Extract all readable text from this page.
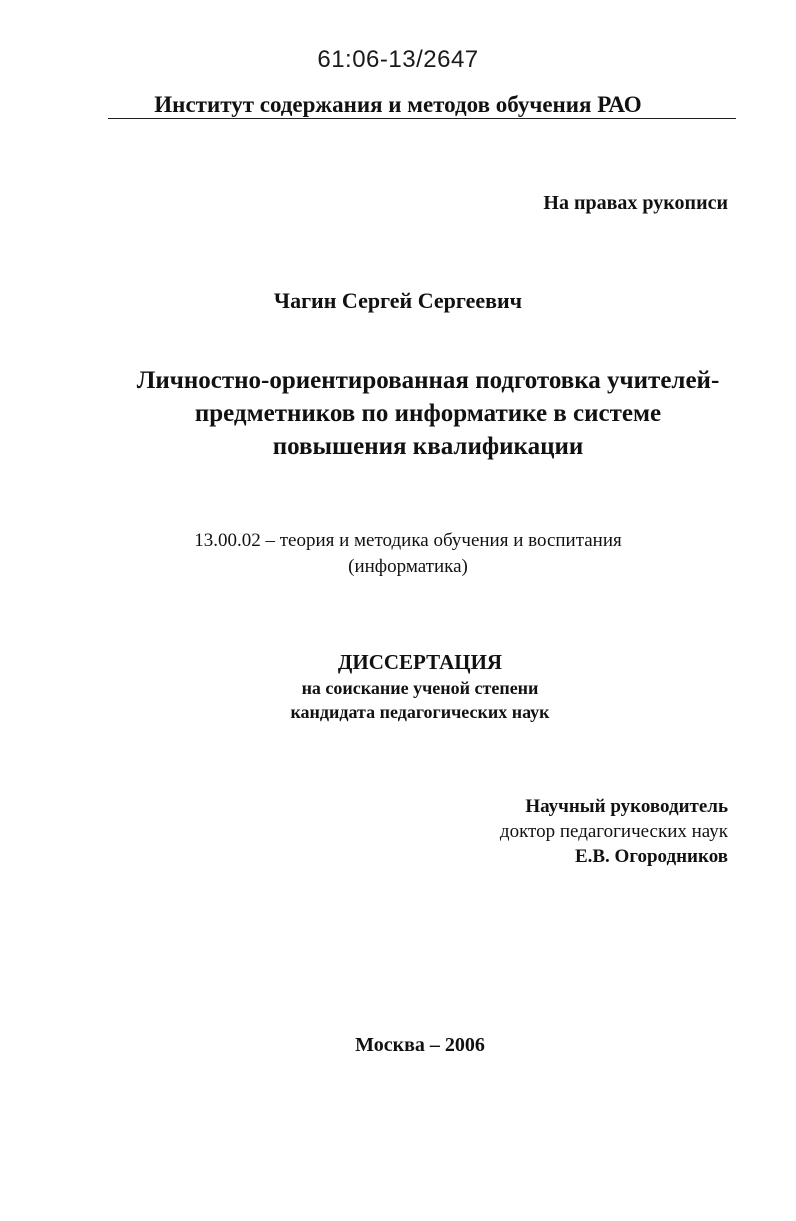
61:06-13/2647
Институт содержания и методов обучения РАО
На правах рукописи
Чагин Сергей Сергеевич
Личностно-ориентированная подготовка учителей-
предметников по информатике в системе
повышения квалификации
13.00.02 – теория и методика обучения и воспитания
(информатика)
ДИССЕРТАЦИЯ
на соискание ученой степени
кандидата педагогических наук
Научный руководитель
доктор педагогических наук
Е.В. Огородников
Москва – 2006
